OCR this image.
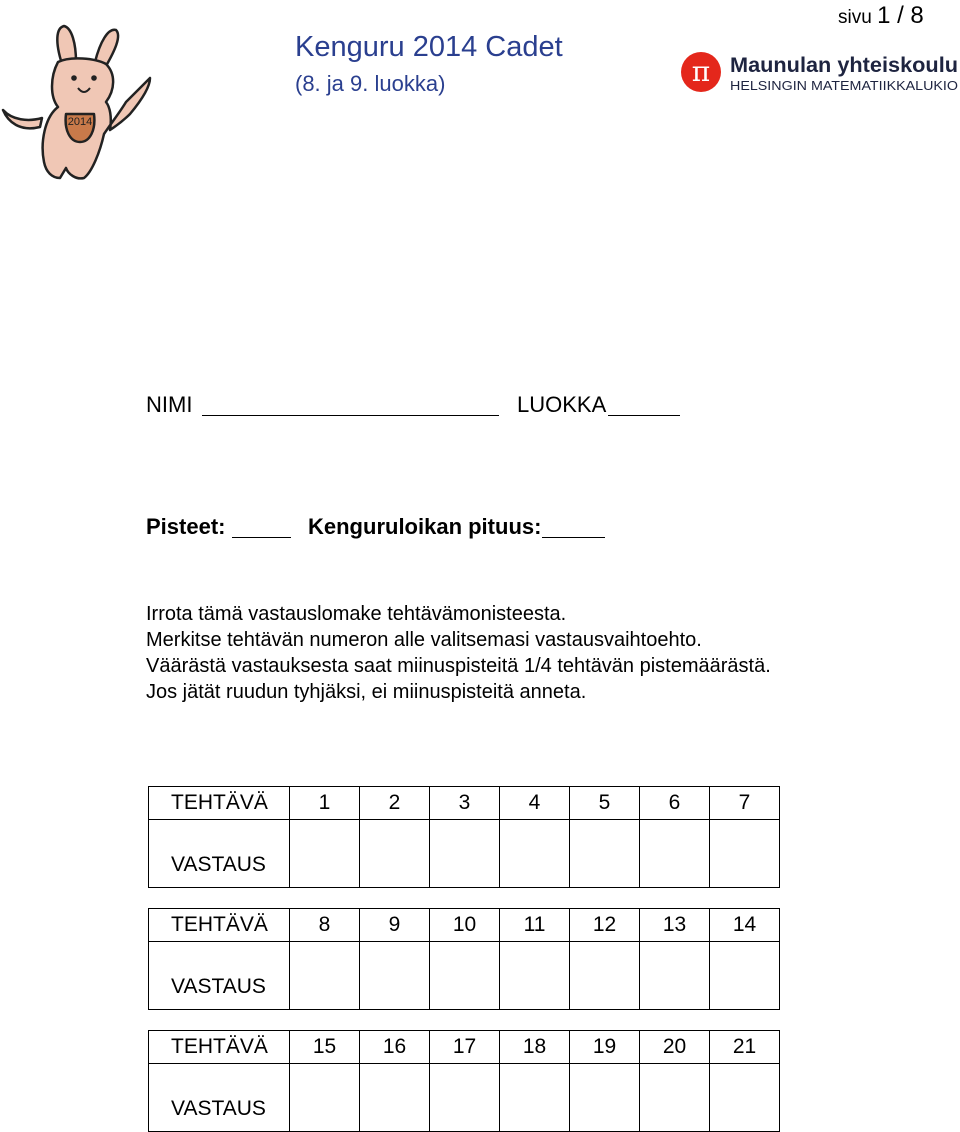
2014
Kenguru 2014 Cadet
(8. ja 9. luokka)
sivu 1 / 8
π Maunulan yhteiskoulu
HELSINGIN MATEMATIIKKALUKIO
NIMI	LUOKKA
Pisteet:	Kenguruloikan pituus:
Irrota tämä vastauslomake tehtävämonisteesta.
Merkitse tehtävän numeron alle valitsemasi vastausvaihtoehto.
Väärästä vastauksesta saat miinuspisteitä 1/4 tehtävän pistemäärästä.
Jos jätät ruudun tyhjäksi, ei miinuspisteitä anneta.
TEHTÄVÄ	1	2	3	4	5	6	7
VASTAUS							
TEHTÄVÄ	8	9	10	11	12	13	14
VASTAUS							
TEHTÄVÄ	15	16	17	18	19	20	21
VASTAUS							
